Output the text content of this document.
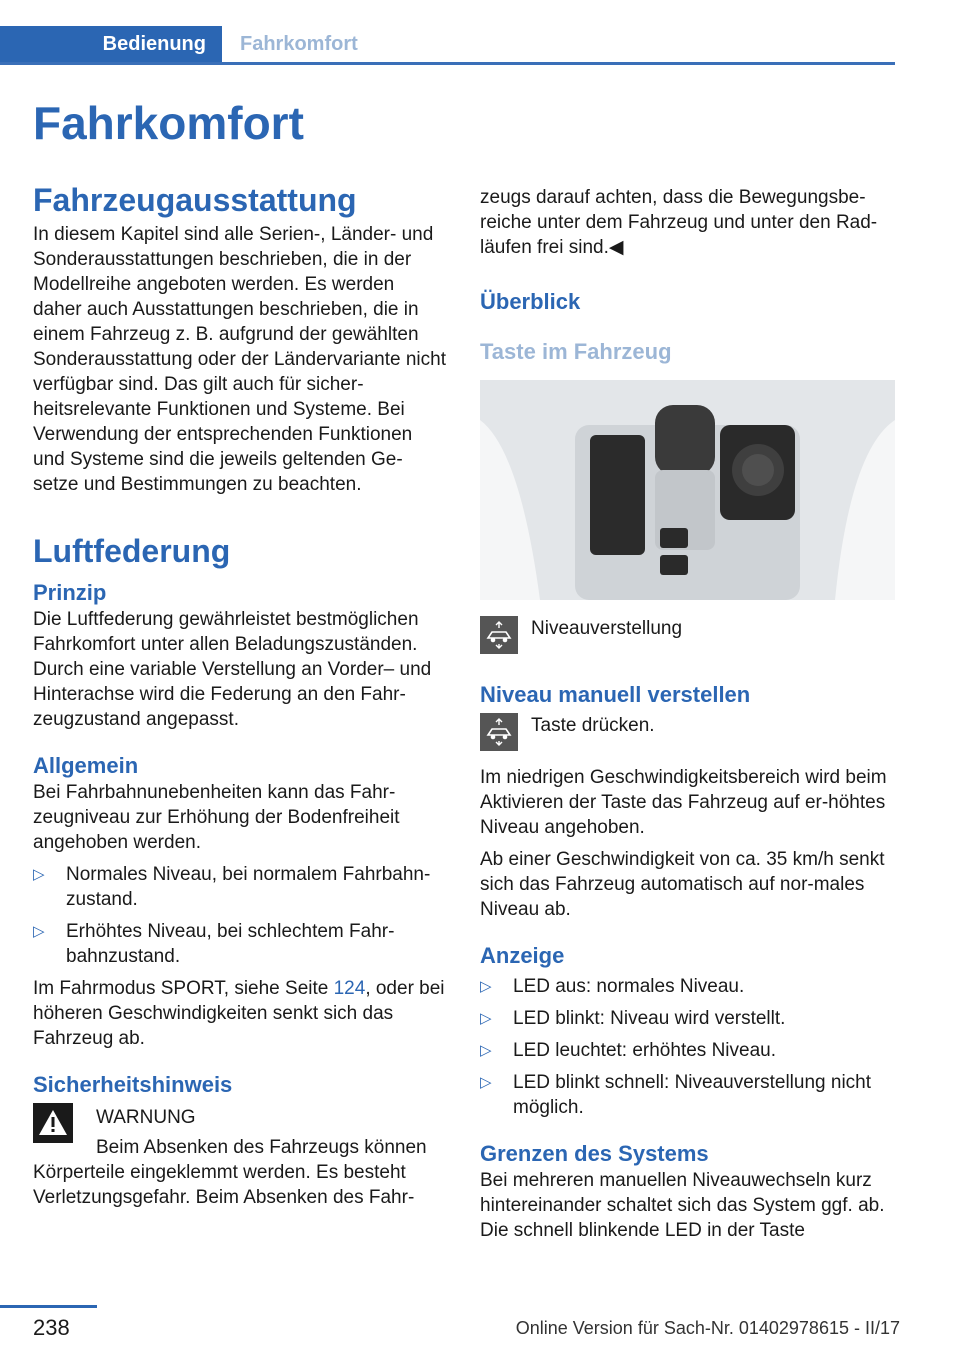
Bedienung	Fahrkomfort
Fahrkomfort
Fahrzeugausstattung

In diesem Kapitel sind alle Serien-, Länder- und Sonderausstattungen beschrieben, die in der Modellreihe angeboten werden. Es werden daher auch Ausstattungen beschrieben, die in einem Fahrzeug z. B. aufgrund der gewählten Sonderausstattung oder der Ländervariante nicht verfügbar sind. Das gilt auch für sicher-heitsrelevante Funktionen und Systeme. Bei Verwendung der entsprechenden Funktionen und Systeme sind die jeweils geltenden Ge-setze und Bestimmungen zu beachten.

Luftfederung
Prinzip

Die Luftfederung gewährleistet bestmöglichen Fahrkomfort unter allen Beladungszuständen. Durch eine variable Verstellung an Vorder– und Hinterachse wird die Federung an den Fahr-zeugzustand angepasst.

Allgemein

Bei Fahrbahnunebenheiten kann das Fahr-zeugniveau zur Erhöhung der Bodenfreiheit angehoben werden.

▷ Normales Niveau, bei normalem Fahrbahn-zustand.
▷ Erhöhtes Niveau, bei schlechtem Fahr-bahnzustand.

Im Fahrmodus SPORT, siehe Seite 124, oder bei höheren Geschwindigkeiten senkt sich das Fahrzeug ab.

Sicherheitshinweis

WARNUNG

Beim Absenken des Fahrzeugs können Körperteile eingeklemmt werden. Es besteht Verletzungsgefahr. Beim Absenken des Fahr-

zeugs darauf achten, dass die Bewegungsbe-reiche unter dem Fahrzeug und unter den Rad-läufen frei sind.◀

Überblick
Taste im Fahrzeug
Niveauverstellung
Niveau manuell verstellen
Taste drücken.

Im niedrigen Geschwindigkeitsbereich wird beim Aktivieren der Taste das Fahrzeug auf er-höhtes Niveau angehoben.

Ab einer Geschwindigkeit von ca. 35 km/h senkt sich das Fahrzeug automatisch auf nor-males Niveau ab.

Anzeige
▷ LED aus: normales Niveau.
▷ LED blinkt: Niveau wird verstellt.
▷ LED leuchtet: erhöhtes Niveau.
▷ LED blinkt schnell: Niveauverstellung nicht möglich.
Grenzen des Systems

Bei mehreren manuellen Niveauwechseln kurz hintereinander schaltet sich das System ggf. ab. Die schnell blinkende LED in der Taste

238	Online Version für Sach-Nr. 01402978615 - II/17
